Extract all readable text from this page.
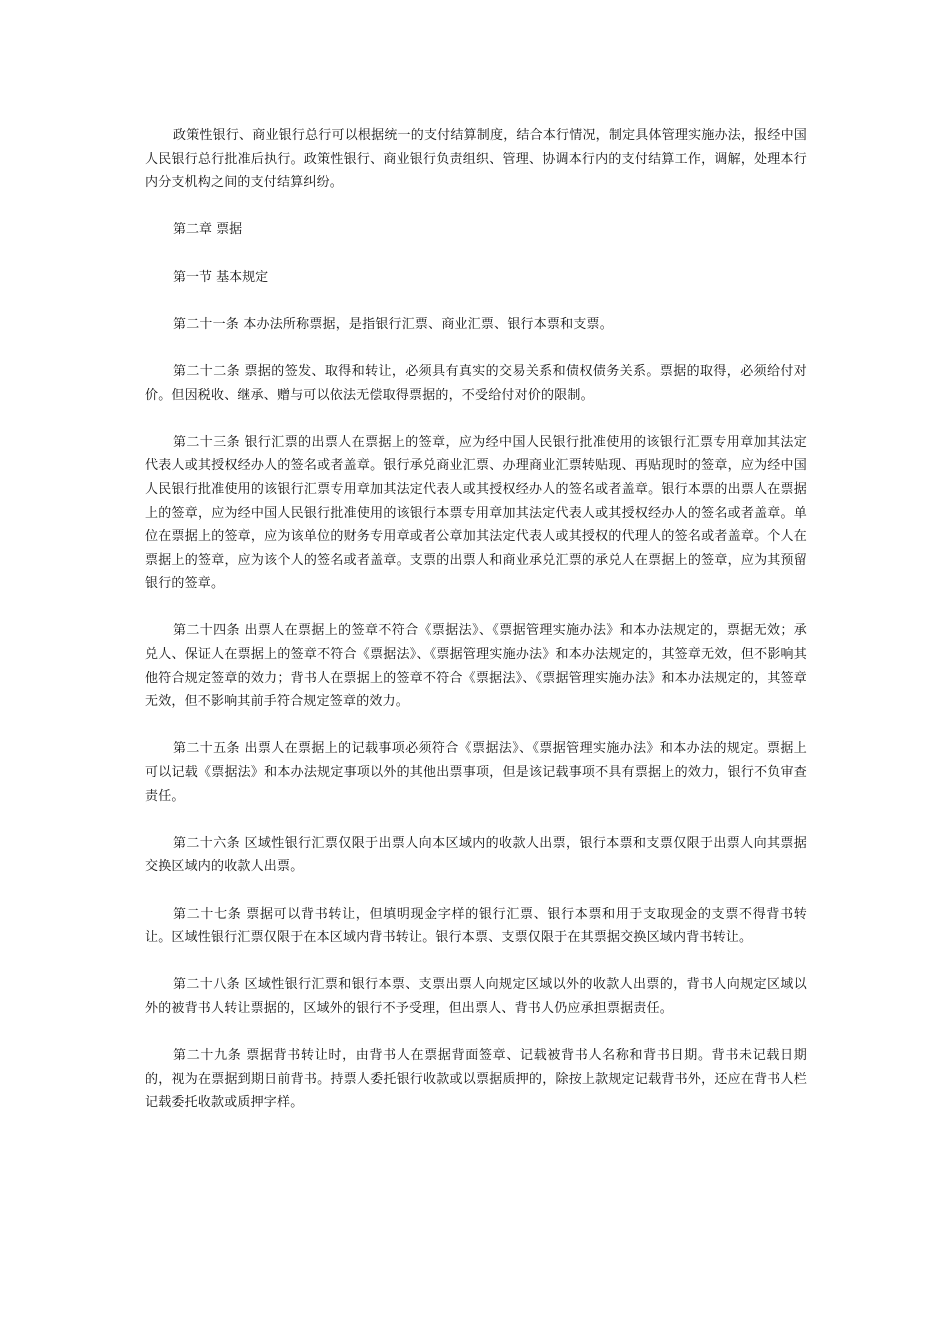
政策性银行、商业银行总行可以根据统一的支付结算制度，结合本行情况，制定具体管理实施办法，报经中国人民银行总行批准后执行。政策性银行、商业银行负责组织、管理、协调本行内的支付结算工作，调解，处理本行内分支机构之间的支付结算纠纷。

第二章 票据

第一节 基本规定

第二十一条 本办法所称票据，是指银行汇票、商业汇票、银行本票和支票。

第二十二条 票据的签发、取得和转让，必须具有真实的交易关系和债权债务关系。票据的取得，必须给付对价。但因税收、继承、赠与可以依法无偿取得票据的，不受给付对价的限制。

第二十三条 银行汇票的出票人在票据上的签章，应为经中国人民银行批准使用的该银行汇票专用章加其法定代表人或其授权经办人的签名或者盖章。银行承兑商业汇票、办理商业汇票转贴现、再贴现时的签章，应为经中国人民银行批准使用的该银行汇票专用章加其法定代表人或其授权经办人的签名或者盖章。银行本票的出票人在票据上的签章，应为经中国人民银行批准使用的该银行本票专用章加其法定代表人或其授权经办人的签名或者盖章。单位在票据上的签章，应为该单位的财务专用章或者公章加其法定代表人或其授权的代理人的签名或者盖章。个人在票据上的签章，应为该个人的签名或者盖章。支票的出票人和商业承兑汇票的承兑人在票据上的签章，应为其预留银行的签章。

第二十四条 出票人在票据上的签章不符合《票据法》、《票据管理实施办法》和本办法规定的，票据无效；承兑人、保证人在票据上的签章不符合《票据法》、《票据管理实施办法》和本办法规定的，其签章无效，但不影响其他符合规定签章的效力；背书人在票据上的签章不符合《票据法》、《票据管理实施办法》和本办法规定的，其签章无效，但不影响其前手符合规定签章的效力。

第二十五条 出票人在票据上的记载事项必须符合《票据法》、《票据管理实施办法》和本办法的规定。票据上可以记载《票据法》和本办法规定事项以外的其他出票事项，但是该记载事项不具有票据上的效力，银行不负审查责任。

第二十六条 区域性银行汇票仅限于出票人向本区域内的收款人出票，银行本票和支票仅限于出票人向其票据交换区域内的收款人出票。

第二十七条 票据可以背书转让，但填明现金字样的银行汇票、银行本票和用于支取现金的支票不得背书转让。区域性银行汇票仅限于在本区域内背书转让。银行本票、支票仅限于在其票据交换区域内背书转让。

第二十八条 区域性银行汇票和银行本票、支票出票人向规定区域以外的收款人出票的，背书人向规定区域以外的被背书人转让票据的，区域外的银行不予受理，但出票人、背书人仍应承担票据责任。

第二十九条 票据背书转让时，由背书人在票据背面签章、记载被背书人名称和背书日期。背书未记载日期的，视为在票据到期日前背书。持票人委托银行收款或以票据质押的，除按上款规定记载背书外，还应在背书人栏记载委托收款或质押字样。
